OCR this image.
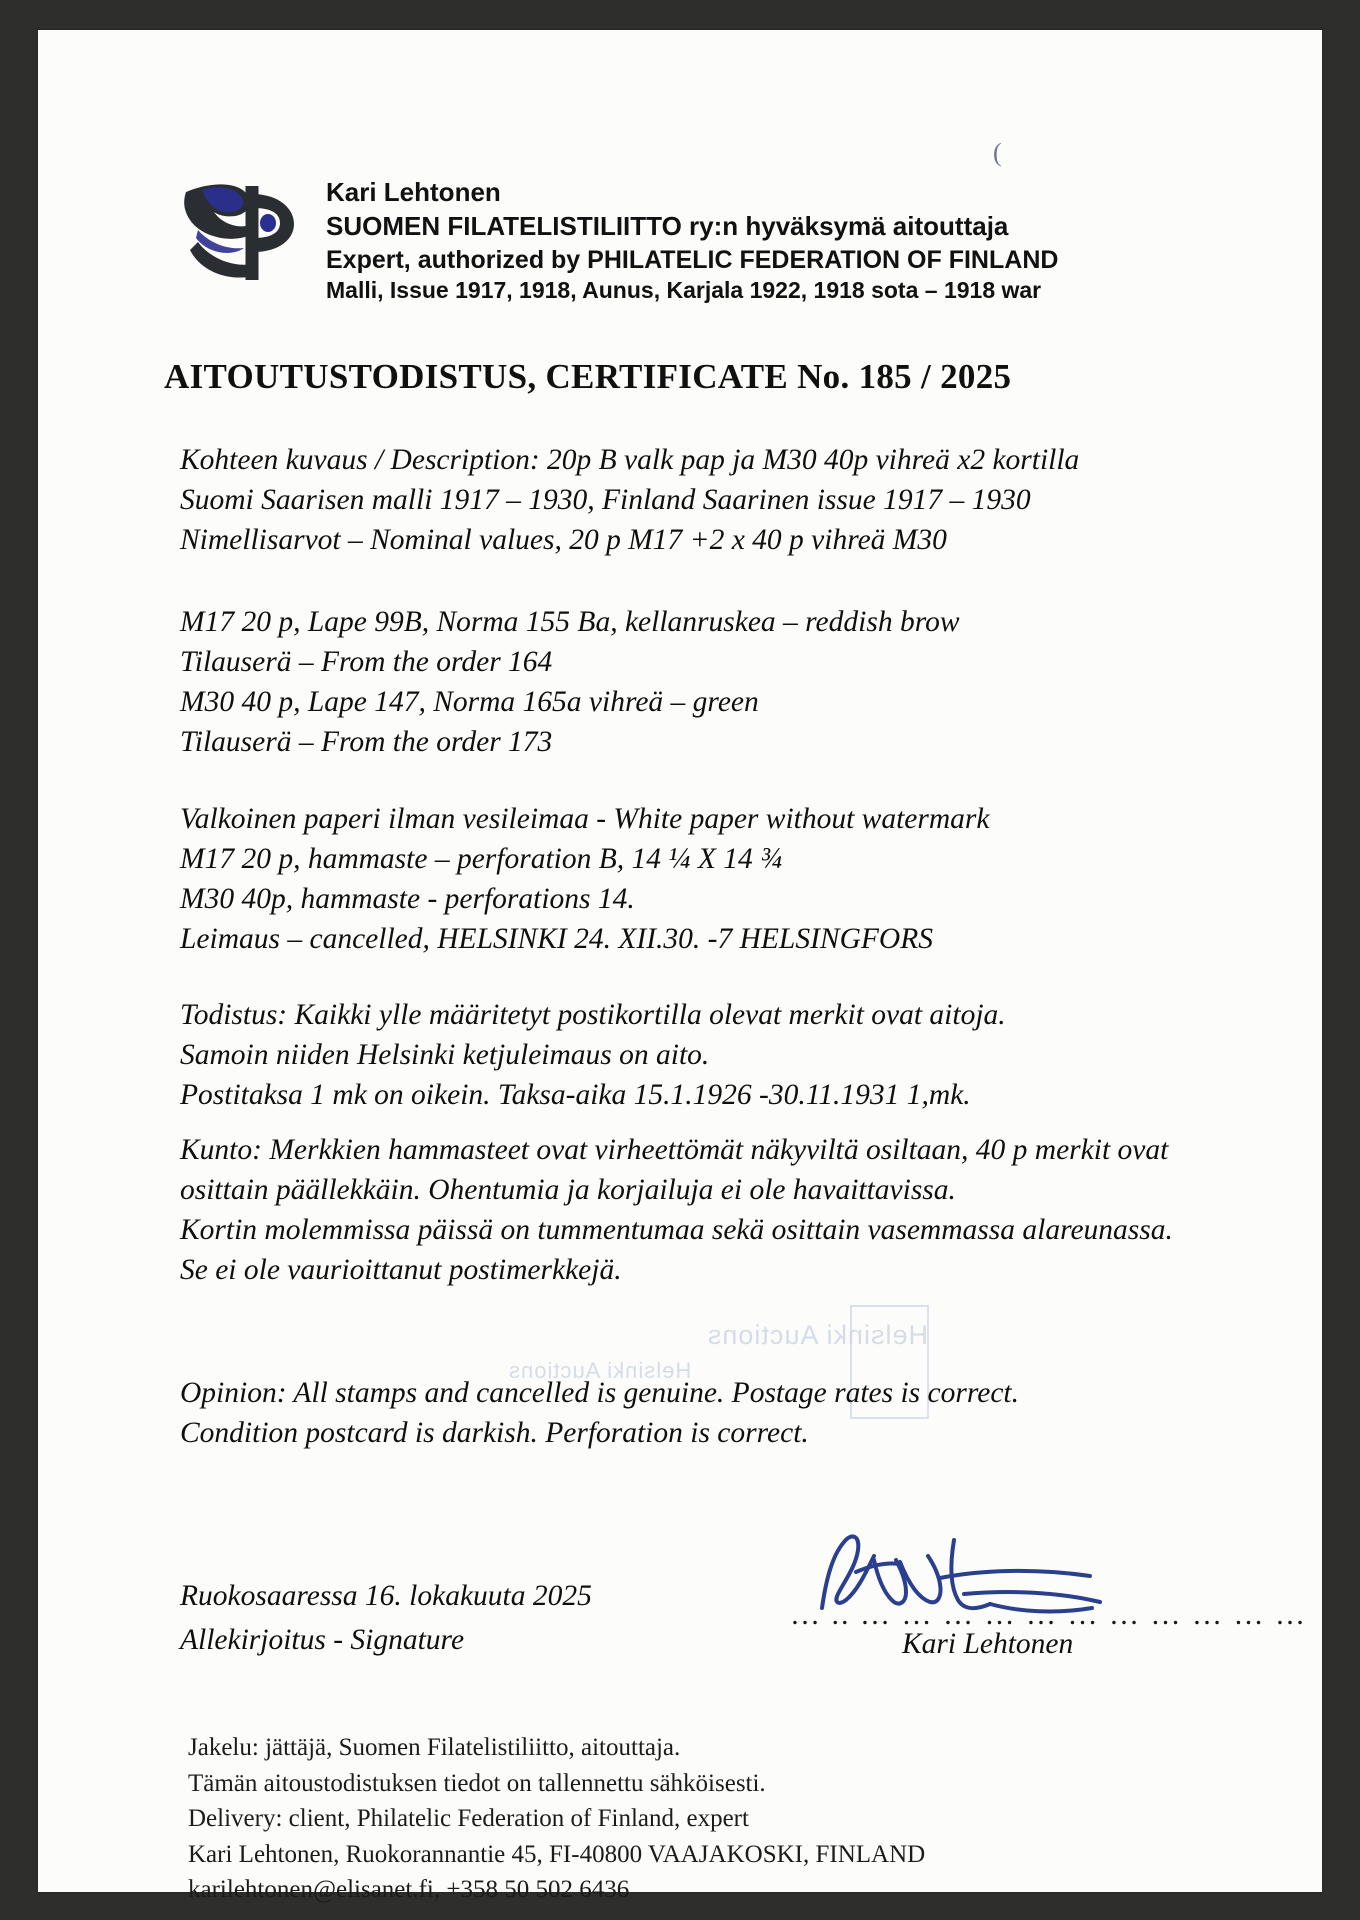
Helsinki Auctions
Helsinki Auctions
(
Kari Lehtonen
SUOMEN FILATELISTILIITTO ry:n hyväksymä aitouttaja
Expert, authorized by PHILATELIC FEDERATION OF FINLAND
Malli, Issue 1917, 1918, Aunus, Karjala 1922, 1918 sota – 1918 war
AITOUTUSTODISTUS, CERTIFICATE No. 185 / 2025

Kohteen kuvaus / Description: 20p B valk pap ja M30 40p vihreä x2 kortilla

Suomi Saarisen malli 1917 – 1930, Finland Saarinen issue 1917 – 1930

Nimellisarvot – Nominal values, 20 p M17 +2 x 40 p vihreä M30

M17 20 p, Lape 99B, Norma 155 Ba, kellanruskea – reddish brow

Tilauserä – From the order 164

M30 40 p, Lape 147, Norma 165a vihreä – green

Tilauserä – From the order 173

Valkoinen paperi ilman vesileimaa - White paper without watermark

M17 20 p, hammaste – perforation B, 14 ¼ X 14 ¾

M30 40p, hammaste - perforations 14.

Leimaus – cancelled, HELSINKI 24. XII.30. -7 HELSINGFORS

Todistus: Kaikki ylle määritetyt postikortilla olevat merkit ovat aitoja.

Samoin niiden Helsinki ketjuleimaus on aito.

Postitaksa 1 mk on oikein. Taksa-aika 15.1.1926 -30.11.1931 1,mk.

Kunto: Merkkien hammasteet ovat virheettömät näkyviltä osiltaan, 40 p merkit ovat osittain päällekkäin. Ohentumia ja korjailuja ei ole havaittavissa.

Kortin molemmissa päissä on tummentumaa sekä osittain vasemmassa alareunassa. Se ei ole vaurioittanut postimerkkejä.

Opinion: All stamps and cancelled is genuine. Postage rates is correct.

Condition postcard is darkish. Perforation is correct.

Ruokosaaressa 16. lokakuuta 2025
Allekirjoitus - Signature
… .. … … … … … … … … … … …
Kari Lehtonen
Jakelu: jättäjä, Suomen Filatelistiliitto, aitouttaja.
Tämän aitoustodistuksen tiedot on tallennettu sähköisesti.
Delivery: client, Philatelic Federation of Finland, expert
Kari Lehtonen, Ruokorannantie 45, FI-40800 VAAJAKOSKI, FINLAND
karilehtonen@elisanet.fi, +358 50 502 6436
